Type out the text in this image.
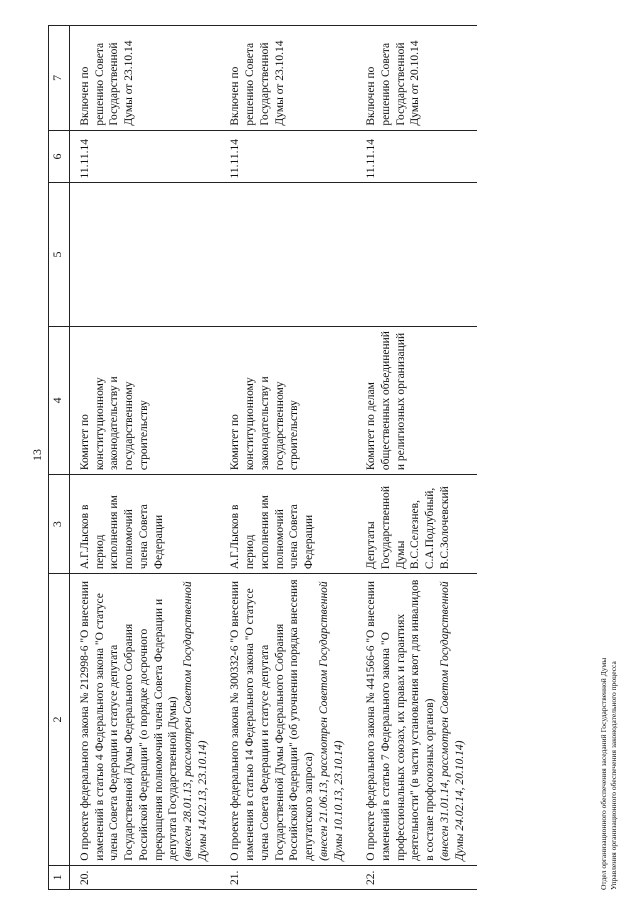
13
1	2	3	4	5	6	7
20.	О проекте федерального закона № 212998-6 "О внесении изменений в статью 4 Федерального закона "О статусе члена Совета Федерации и статусе депутата Государственной Думы Федерального Собрания Российской Федерации" (о порядке досрочного прекращения полномочий члена Совета Федерации и депутата Государственной Думы) (внесен 28.01.13, рассмотрен Советом Государственной Думы 14.02.13, 23.10.14)	А.Г.Лысков в период исполнения им полномочий члена Совета Федерации	Комитет по конституционному законодательству и государственному строительству		11.11.14	Включен по решению Совета Государственной Думы от 23.10.14
21.	О проекте федерального закона № 300332-6 "О внесении изменения в статью 14 Федерального закона "О статусе члена Совета Федерации и статусе депутата Государственной Думы Федерального Собрания Российской Федерации" (об уточнении порядка внесения депутатского запроса) (внесен 21.06.13, рассмотрен Советом Государственной Думы 10.10.13, 23.10.14)	А.Г.Лысков в период исполнения им полномочий члена Совета Федерации	Комитет по конституционному законодательству и государственному строительству		11.11.14	Включен по решению Совета Государственной Думы от 23.10.14
22.	О проекте федерального закона № 441566-6 "О внесении изменений в статью 7 Федерального закона "О профессиональных союзах, их правах и гарантиях деятельности" (в части установления квот для инвалидов в составе профсоюзных органов) (внесен 31.01.14, рассмотрен Советом Государственной Думы 24.02.14, 20.10.14)	Депутаты Государственной Думы В.С.Селезнев, С.А.Подлубный, В.С.Золочевский	Комитет по делам общественных объединений и религиозных организаций		11.11.14	Включен по решению Совета Государственной Думы от 20.10.14
Отдел организационного обеспечения заседаний Государственной Думы Управления организационного обеспечения законодательного процесса
